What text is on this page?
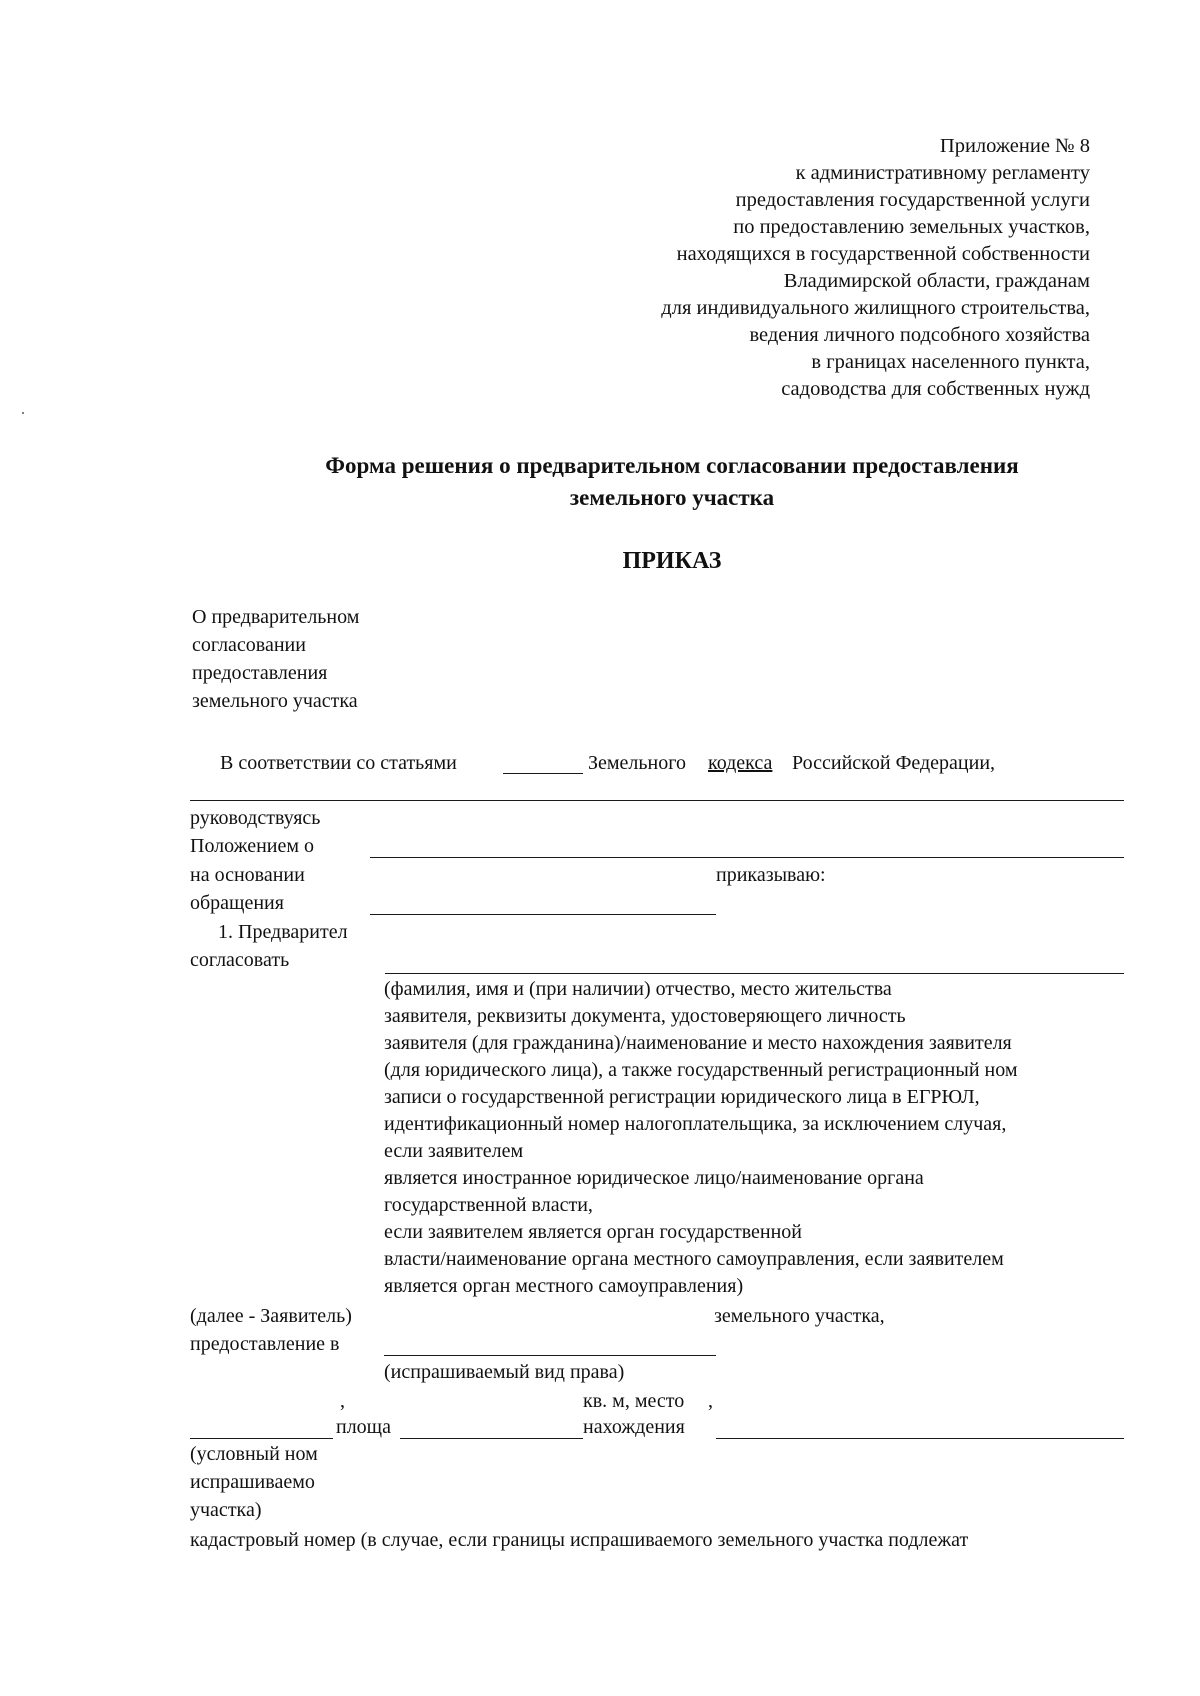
Приложение № 8
к административному регламенту
предоставления государственной услуги
по предоставлению земельных участков,
находящихся в государственной собственности
Владимирской области, гражданам
для индивидуального жилищного строительства,
ведения личного подсобного хозяйства
в границах населенного пункта,
садоводства для собственных нужд
Форма решения о предварительном согласовании предоставления
земельного участка
ПРИКАЗ
О предварительном
согласовании
предоставления
земельного участка
В соответствии со статьями	Земельного кодекса Российской Федерации,
руководствуясь
Положением о
на основании	приказываю:
обращения
1. Предварител
согласовать
(фамилия, имя и (при наличии) отчество, место жительства
заявителя, реквизиты документа, удостоверяющего личность
заявителя (для гражданина)/наименование и место нахождения заявителя
(для юридического лица), а также государственный регистрационный ном
записи о государственной регистрации юридического лица в ЕГРЮЛ,
идентификационный номер налогоплательщика, за исключением случая,
если заявителем
является иностранное юридическое лицо/наименование органа
государственной власти,
если заявителем является орган государственной
власти/наименование органа местного самоуправления, если заявителем
является орган местного самоуправления)
(далее - Заявитель)	земельного участка,
предоставление в
(испрашиваемый вид права)
,	кв. м, место ,
площа	нахождения
(условный ном
испрашиваемо
участка)
кадастровый номер (в случае, если границы испрашиваемого земельного участка подлежат
